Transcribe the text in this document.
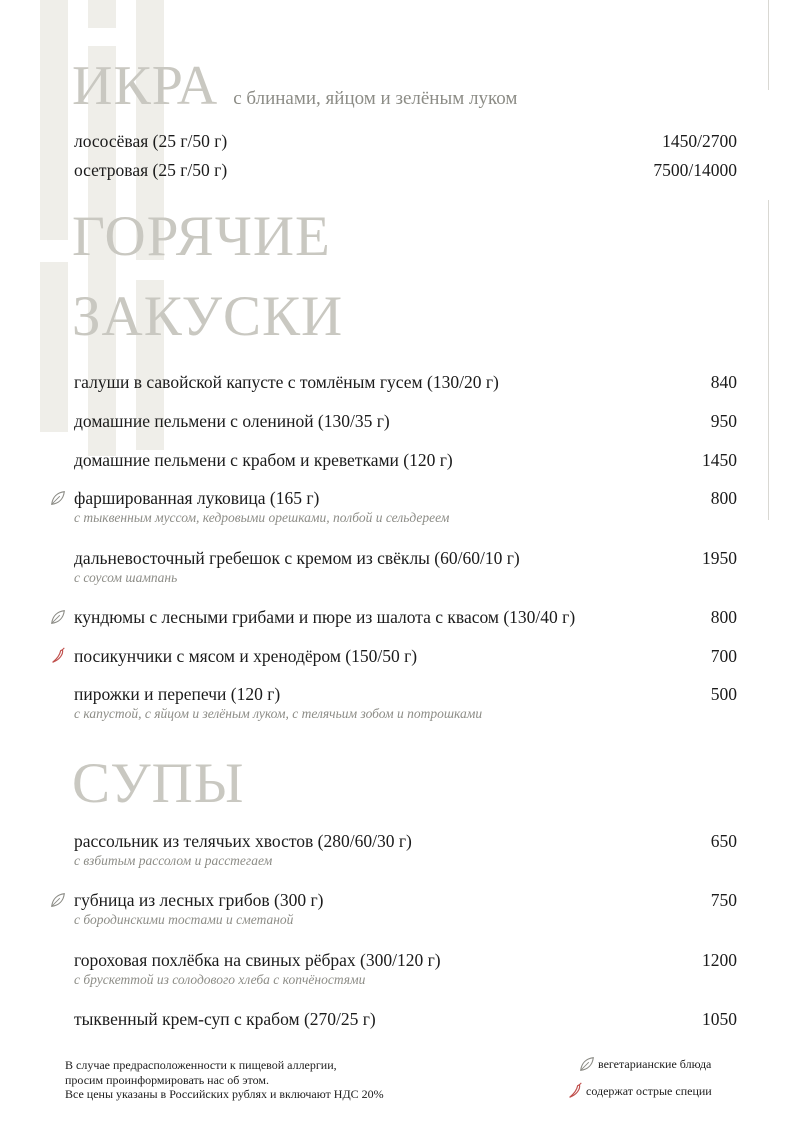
ИКРА с блинами, яйцом и зелёным луком
лососёвая (25 г/50 г)	1450/2700
осетровая (25 г/50 г)	7500/14000
ГОРЯЧИЕ
ЗАКУСКИ
галуши в савойской капусте с томлёным гусем (130/20 г)	840
домашние пельмени с олениной (130/35 г)	950
домашние пельмени с крабом и креветками (120 г)	1450
фаршированная луковица (165 г)	800
с тыквенным муссом, кедровыми орешками, полбой и сельдереем
дальневосточный гребешок с кремом из свёклы (60/60/10 г)	1950
с соусом шампань
кундюмы с лесными грибами и пюре из шалота с квасом (130/40 г)	800
посикунчики с мясом и хренодёром (150/50 г)	700
пирожки и перепечи (120 г)	500
с капустой, с яйцом и зелёным луком, с телячьим зобом и потрошками
СУПЫ
рассольник из телячьих хвостов (280/60/30 г)	650
с взбитым рассолом и расстегаем
губница из лесных грибов (300 г)	750
с бородинскими тостами и сметаной
гороховая похлёбка на свиных рёбрах (300/120 г)	1200
с брускеттой из солодового хлеба с копчёностями
тыквенный крем-суп с крабом (270/25 г)	1050
В случае предрасположенности к пищевой аллергии,
просим проинформировать нас об этом.
Все цены указаны в Российских рублях и включают НДС 20%
вегетарианские блюда
содержат острые специи
